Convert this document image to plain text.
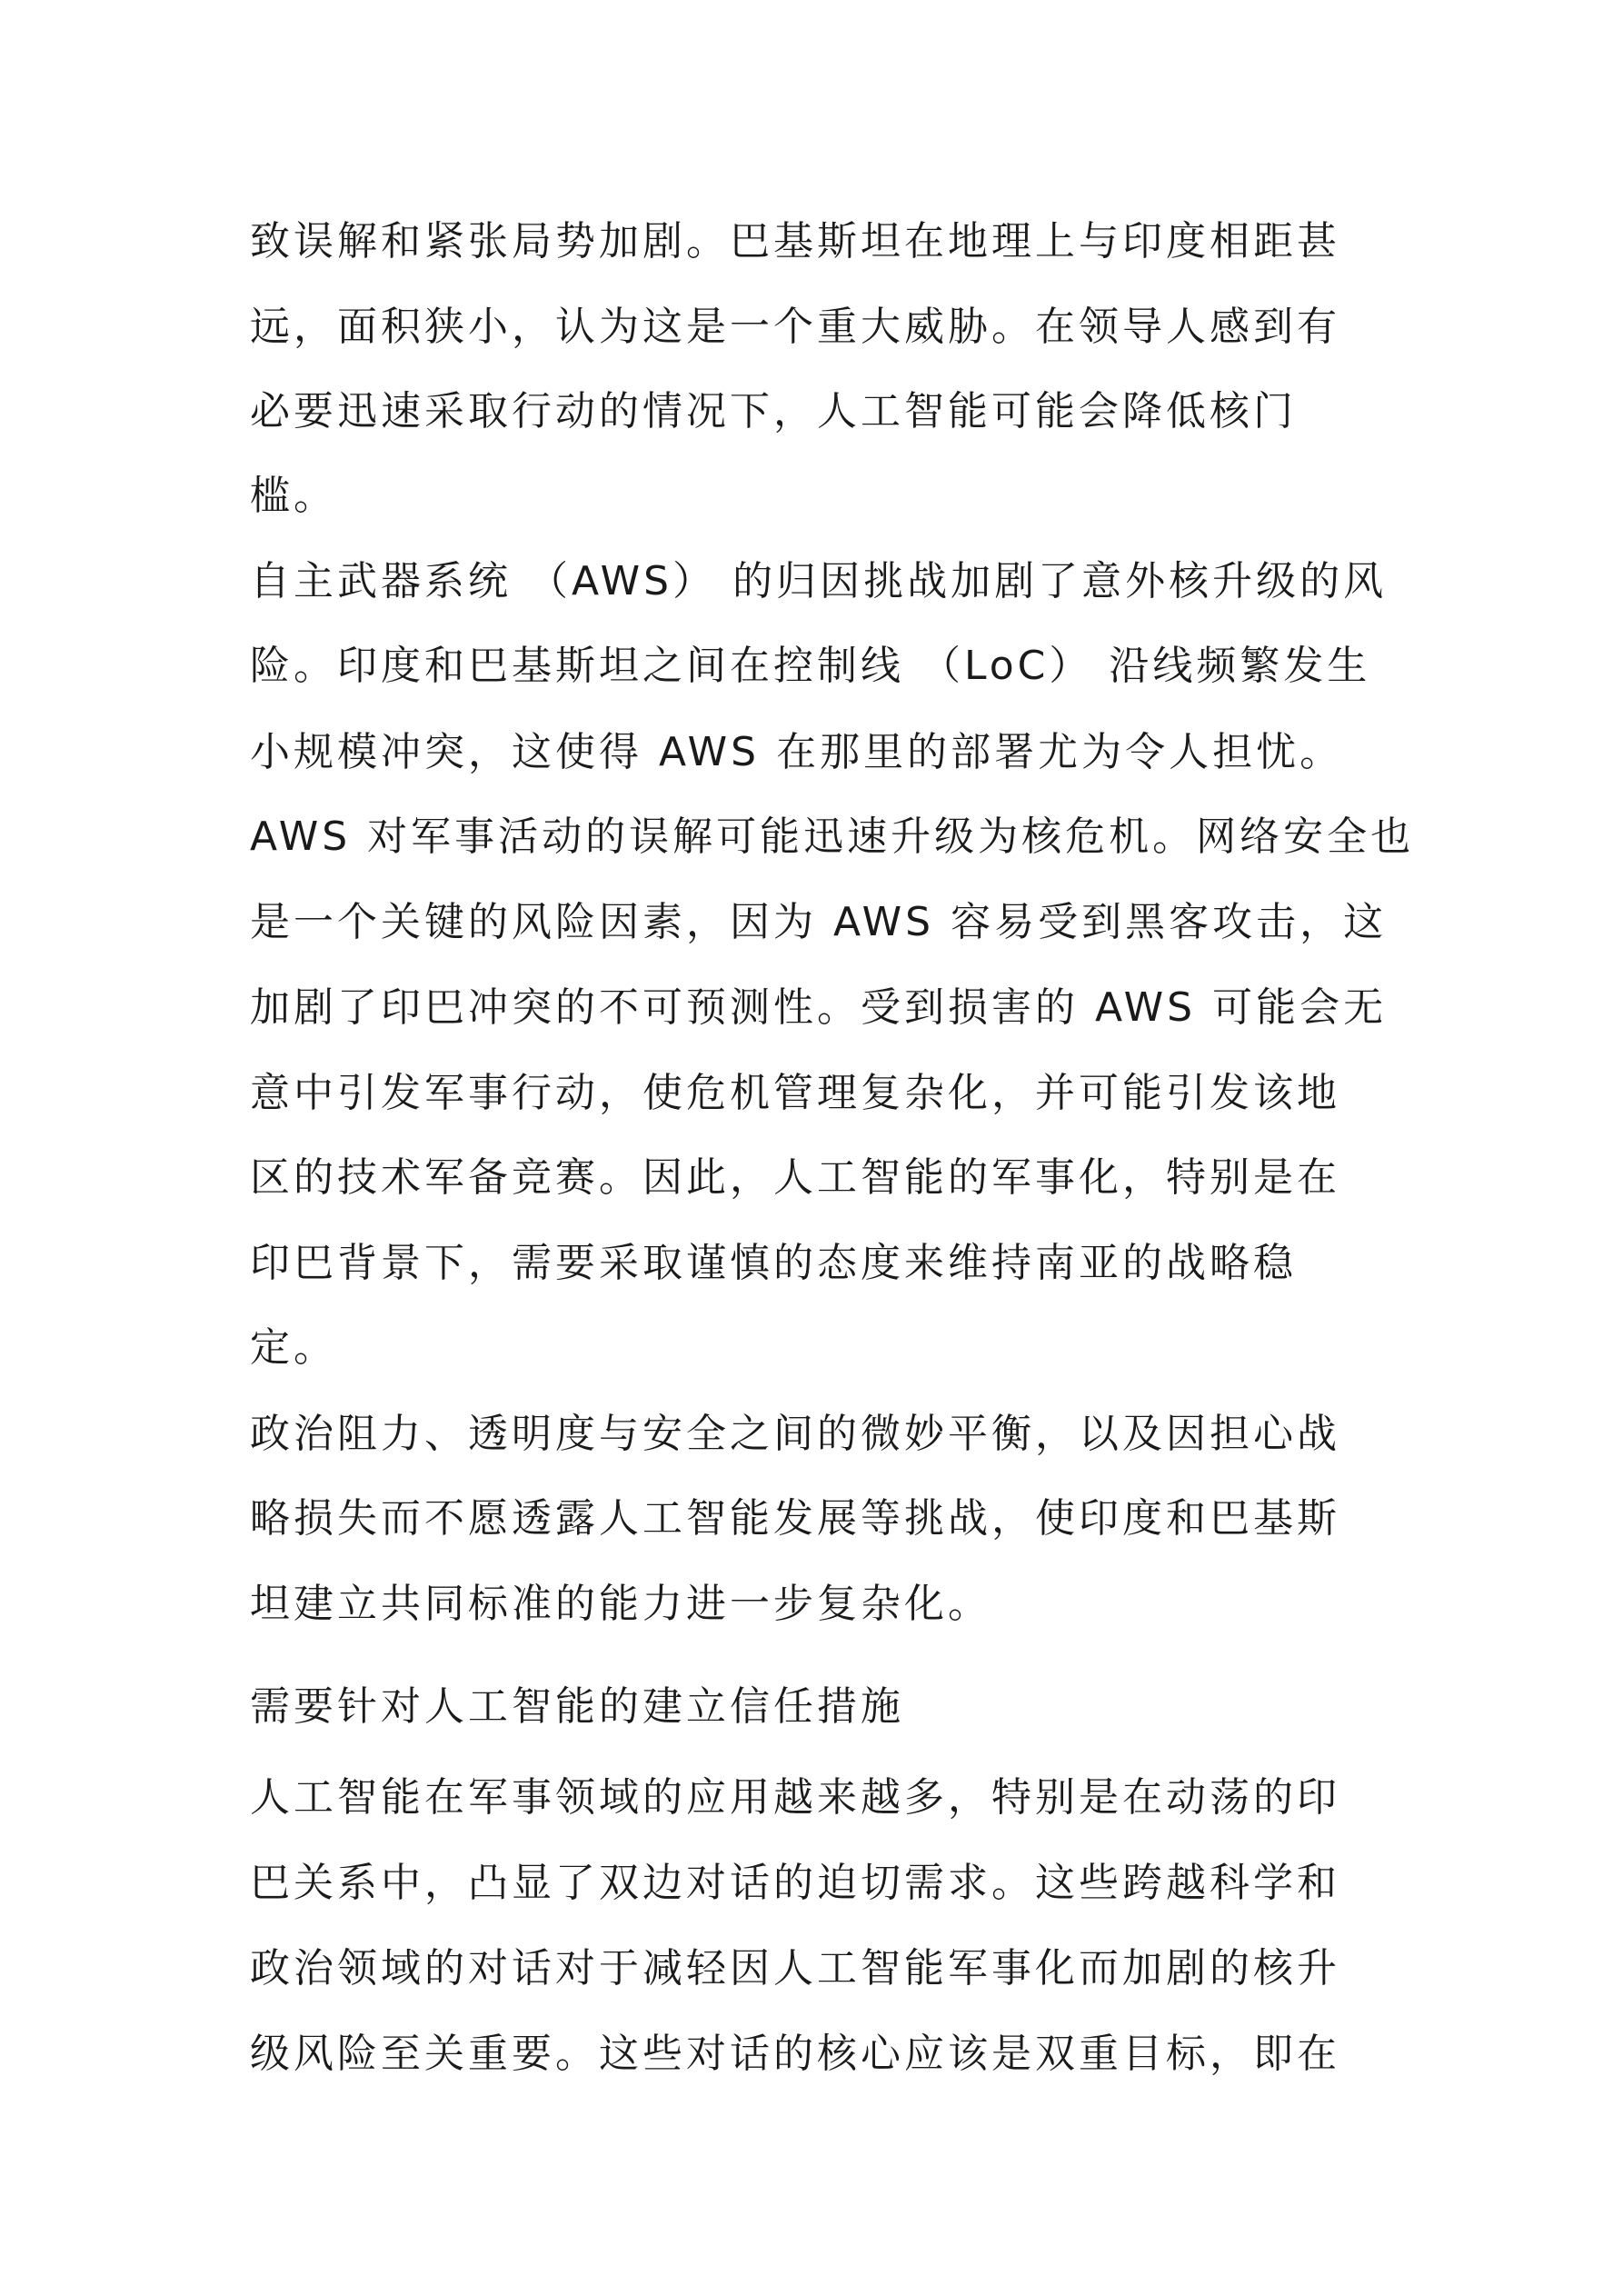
致误解和紧张局势加剧。巴基斯坦在地理上与印度相距甚

远，面积狭小，认为这是一个重大威胁。在领导人感到有

必要迅速采取行动的情况下，人工智能可能会降低核门

槛。

自主武器系统 （AWS） 的归因挑战加剧了意外核升级的风

险。印度和巴基斯坦之间在控制线 （LoC） 沿线频繁发生

小规模冲突，这使得 AWS 在那里的部署尤为令人担忧。

AWS 对军事活动的误解可能迅速升级为核危机。网络安全也

是一个关键的风险因素，因为 AWS 容易受到黑客攻击，这

加剧了印巴冲突的不可预测性。受到损害的 AWS 可能会无

意中引发军事行动，使危机管理复杂化，并可能引发该地

区的技术军备竞赛。因此，人工智能的军事化，特别是在

印巴背景下，需要采取谨慎的态度来维持南亚的战略稳

定。

政治阻力、透明度与安全之间的微妙平衡，以及因担心战

略损失而不愿透露人工智能发展等挑战，使印度和巴基斯

坦建立共同标准的能力进一步复杂化。

需要针对人工智能的建立信任措施

人工智能在军事领域的应用越来越多，特别是在动荡的印

巴关系中，凸显了双边对话的迫切需求。这些跨越科学和

政治领域的对话对于减轻因人工智能军事化而加剧的核升

级风险至关重要。这些对话的核心应该是双重目标，即在
